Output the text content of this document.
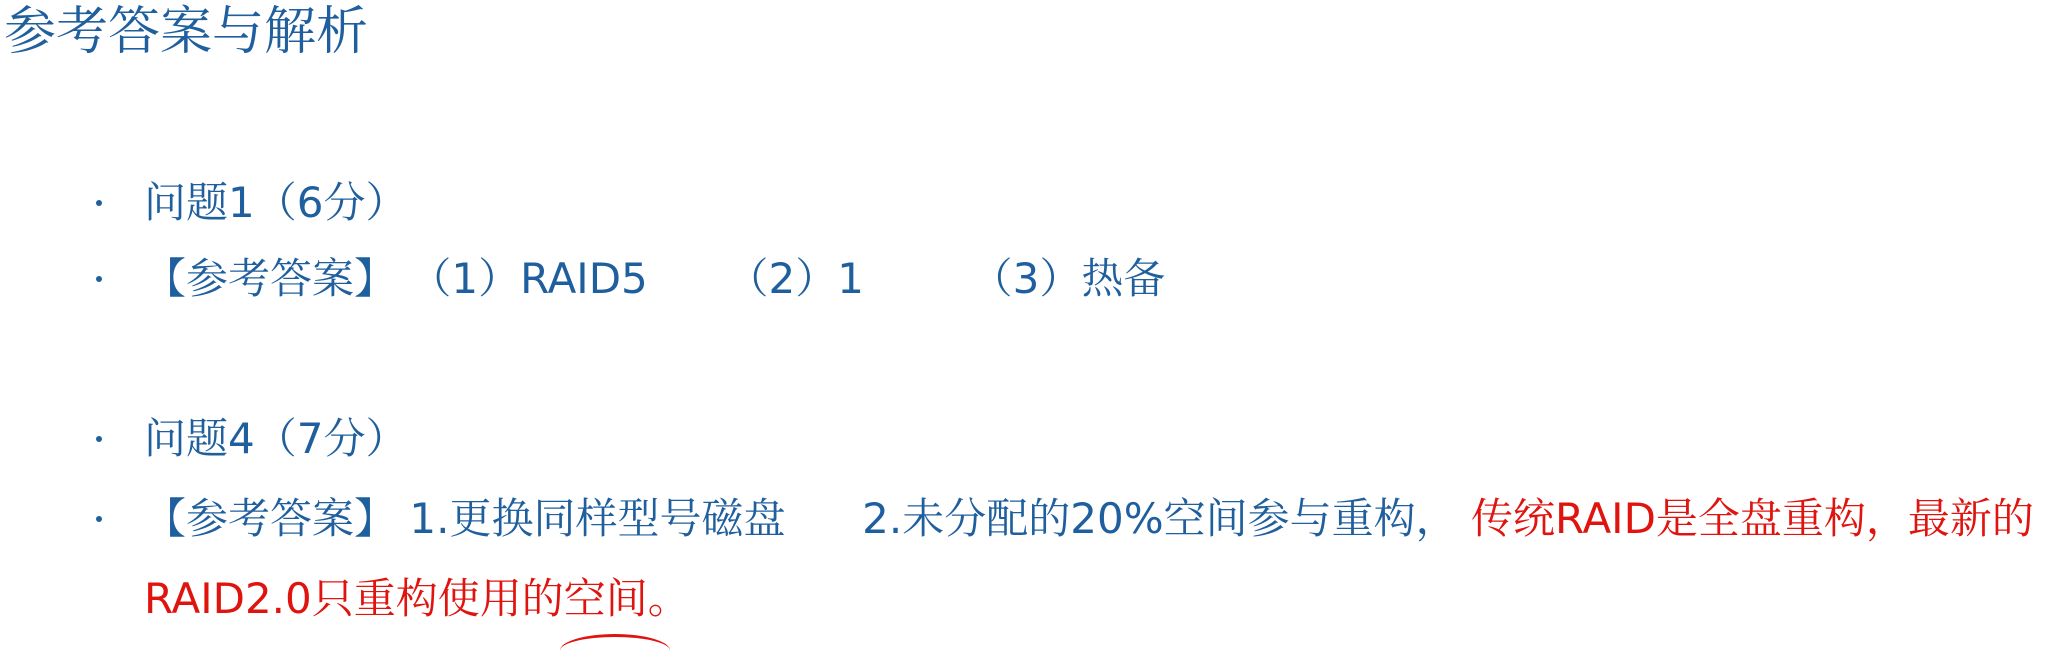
参考答案与解析
问题1（6分）
【参考答案】 （1）RAID5 （2）1	（3）热备
问题4（7分）
【参考答案】 1.更换同样型号磁盘 2.未分配的20%空间参与重构， 传统RAID是全盘重构，最新的
RAID2.0只重构使用的空间。
